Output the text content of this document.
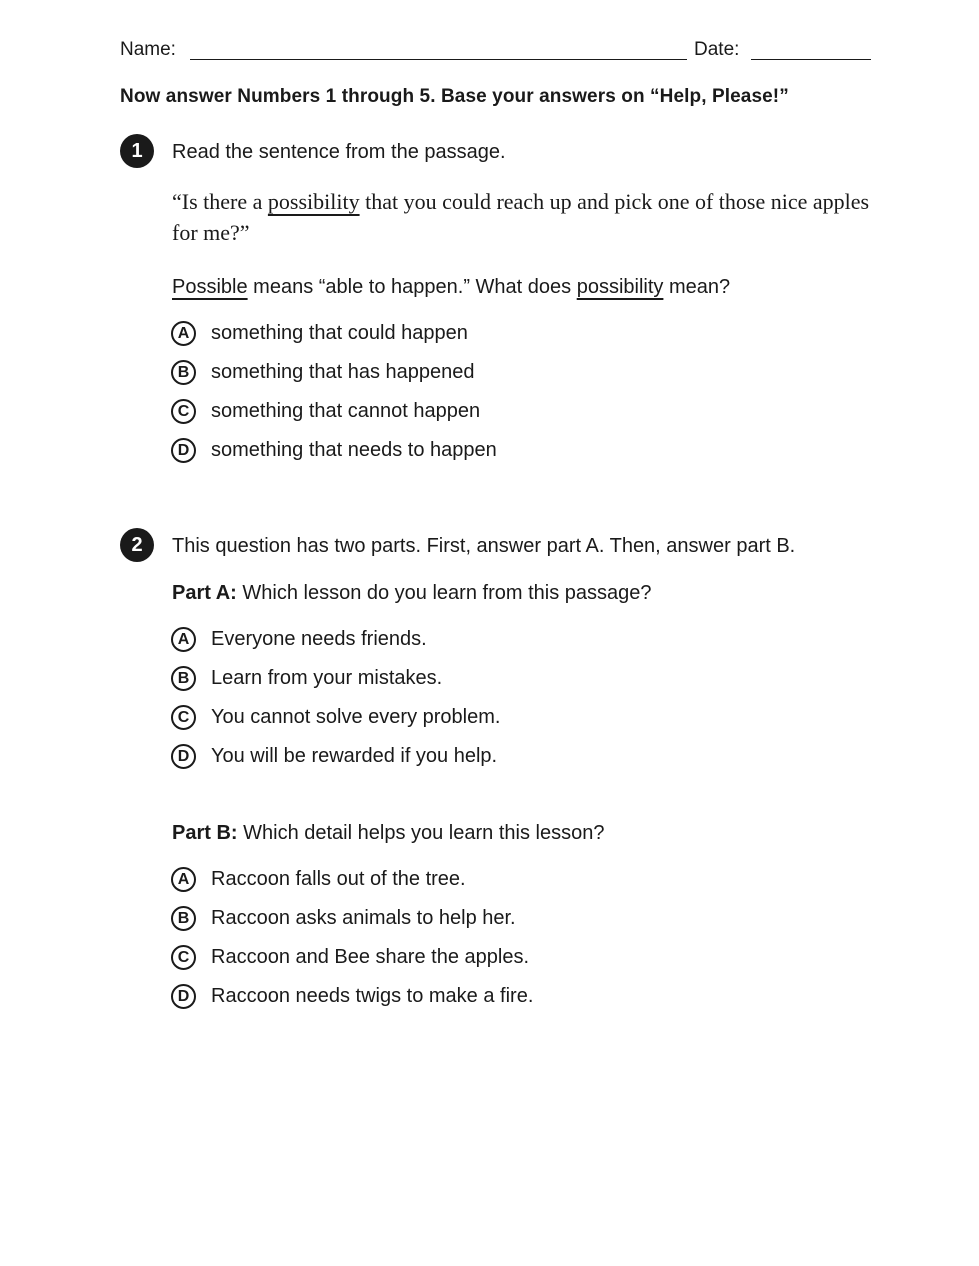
Name:	Date:
Now answer Numbers 1 through 5. Base your answers on “Help, Please!”
1	Read the sentence from the passage.
“Is there a possibility that you could reach up and pick one of those nice apples for me?”
Possible means “able to happen.” What does possibility mean?
A	something that could happen
B	something that has happened
C	something that cannot happen
D	something that needs to happen
2	This question has two parts. First, answer part A. Then, answer part B.
Part A: Which lesson do you learn from this passage?
A	Everyone needs friends.
B	Learn from your mistakes.
C	You cannot solve every problem.
D	You will be rewarded if you help.
Part B: Which detail helps you learn this lesson?
A	Raccoon falls out of the tree.
B	Raccoon asks animals to help her.
C	Raccoon and Bee share the apples.
D	Raccoon needs twigs to make a fire.
